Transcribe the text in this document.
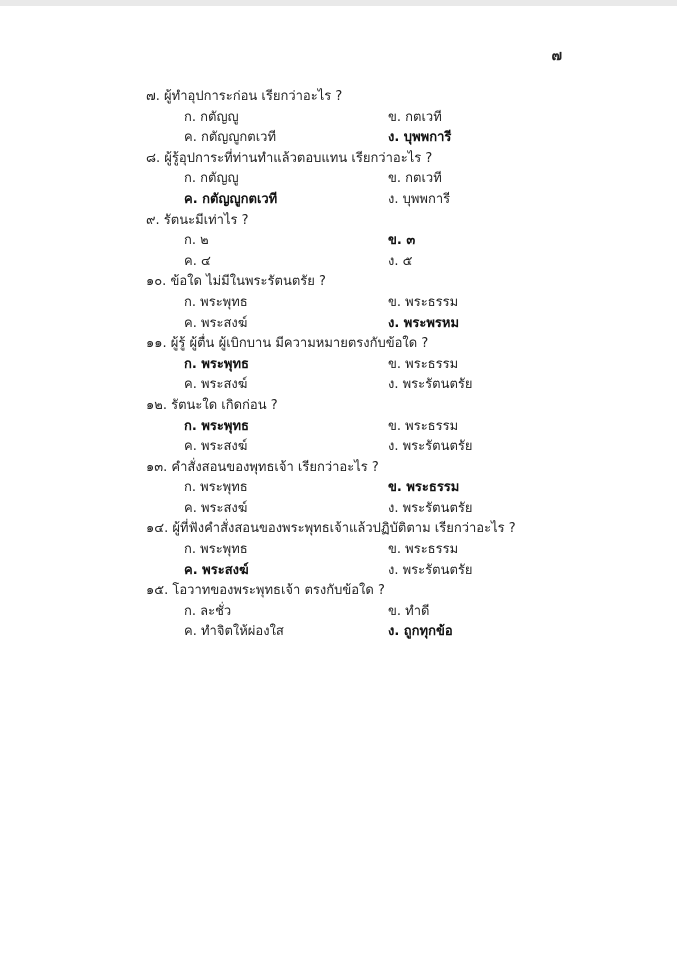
๗
๗. ผู้ทำอุปการะก่อน เรียกว่าอะไร ?
ก. กตัญญู	ข. กตเวที
ค. กตัญญูกตเวที	ง. บุพพการี
๘. ผู้รู้อุปการะที่ท่านทำแล้วตอบแทน เรียกว่าอะไร ?
ก. กตัญญู	ข. กตเวที
ค. กตัญญูกตเวที	ง. บุพพการี
๙. รัตนะมีเท่าไร ?
ก. ๒	ข. ๓
ค. ๔	ง. ๕
๑๐. ข้อใด ไม่มีในพระรัตนตรัย ?
ก. พระพุทธ	ข. พระธรรม
ค. พระสงฆ์	ง. พระพรหม
๑๑. ผู้รู้ ผู้ตื่น ผู้เบิกบาน มีความหมายตรงกับข้อใด ?
ก. พระพุทธ	ข. พระธรรม
ค. พระสงฆ์	ง. พระรัตนตรัย
๑๒. รัตนะใด เกิดก่อน ?
ก. พระพุทธ	ข. พระธรรม
ค. พระสงฆ์	ง. พระรัตนตรัย
๑๓. คำสั่งสอนของพุทธเจ้า เรียกว่าอะไร ?
ก. พระพุทธ	ข. พระธรรม
ค. พระสงฆ์	ง. พระรัตนตรัย
๑๔. ผู้ที่ฟังคำสั่งสอนของพระพุทธเจ้าแล้วปฏิบัติตาม เรียกว่าอะไร ?
ก. พระพุทธ	ข. พระธรรม
ค. พระสงฆ์	ง. พระรัตนตรัย
๑๕. โอวาทของพระพุทธเจ้า ตรงกับข้อใด ?
ก. ละชั่ว	ข. ทำดี
ค. ทำจิตให้ผ่องใส	ง. ถูกทุกข้อ
